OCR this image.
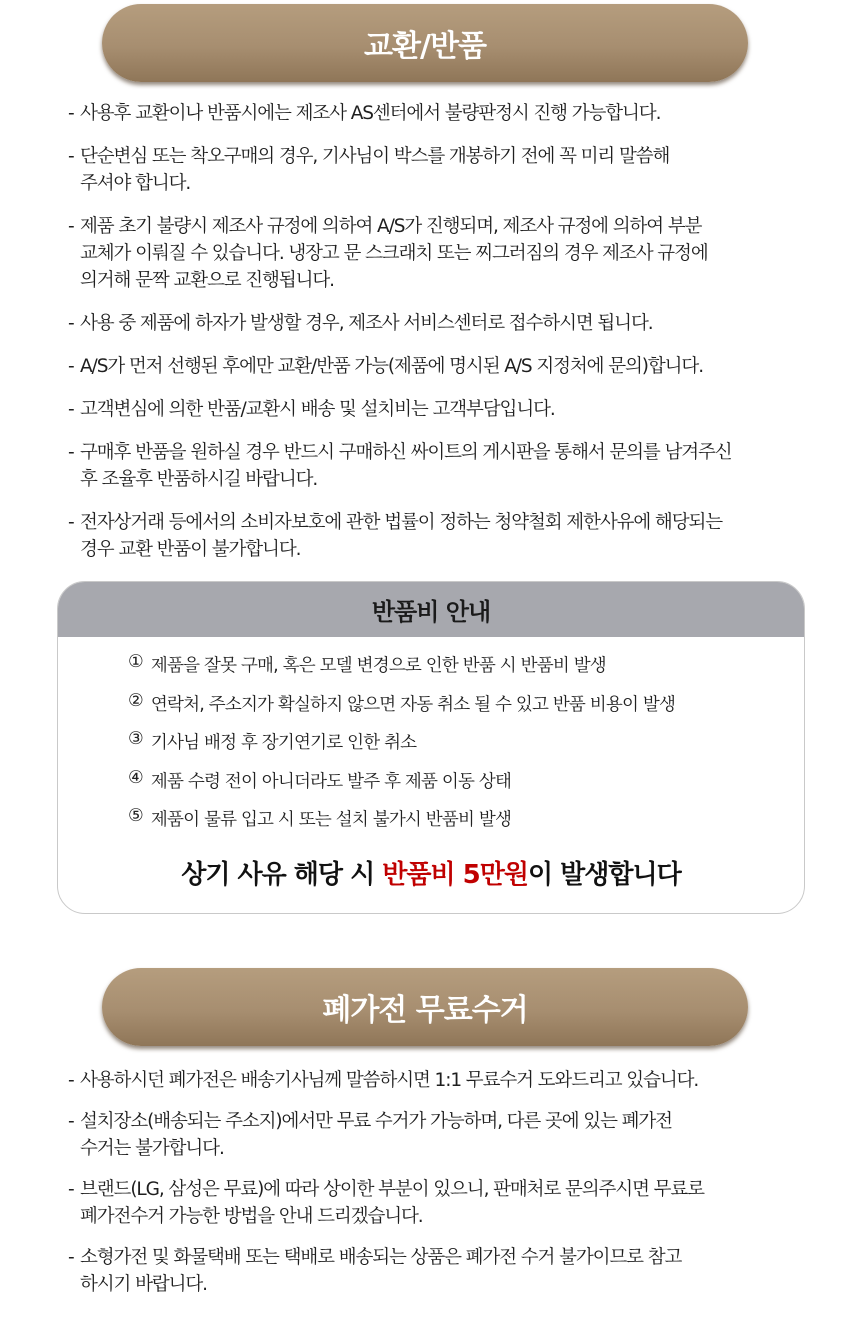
교환/반품
- 사용후 교환이나 반품시에는 제조사 AS센터에서 불량판정시 진행 가능합니다.
- 단순변심 또는 착오구매의 경우, 기사님이 박스를 개봉하기 전에 꼭 미리 말씀해
주셔야 합니다.
- 제품 초기 불량시 제조사 규정에 의하여 A/S가 진행되며, 제조사 규정에 의하여 부분
교체가 이뤄질 수 있습니다. 냉장고 문 스크래치 또는 찌그러짐의 경우 제조사 규정에
의거해 문짝 교환으로 진행됩니다.
- 사용 중 제품에 하자가 발생할 경우, 제조사 서비스센터로 접수하시면 됩니다.
- A/S가 먼저 선행된 후에만 교환/반품 가능(제품에 명시된 A/S 지정처에 문의)합니다.
- 고객변심에 의한 반품/교환시 배송 및 설치비는 고객부담입니다.
- 구매후 반품을 원하실 경우 반드시 구매하신 싸이트의 게시판을 통해서 문의를 남겨주신
후 조율후 반품하시길 바랍니다.
- 전자상거래 등에서의 소비자보호에 관한 법률이 정하는 청약철회 제한사유에 해당되는
경우 교환 반품이 불가합니다.
반품비 안내
① 제품을 잘못 구매, 혹은 모델 변경으로 인한 반품 시 반품비 발생
② 연락처, 주소지가 확실하지 않으면 자동 취소 될 수 있고 반품 비용이 발생
③ 기사님 배정 후 장기연기로 인한 취소
④ 제품 수령 전이 아니더라도 발주 후 제품 이동 상태
⑤ 제품이 물류 입고 시 또는 설치 불가시 반품비 발생
상기 사유 해당 시 반품비 5만원이 발생합니다
폐가전 무료수거
- 사용하시던 폐가전은 배송기사님께 말씀하시면 1:1 무료수거 도와드리고 있습니다.
- 설치장소(배송되는 주소지)에서만 무료 수거가 가능하며, 다른 곳에 있는 폐가전
수거는 불가합니다.
- 브랜드(LG, 삼성은 무료)에 따라 상이한 부분이 있으니, 판매처로 문의주시면 무료로
폐가전수거 가능한 방법을 안내 드리겠습니다.
- 소형가전 및 화물택배 또는 택배로 배송되는 상품은 폐가전 수거 불가이므로 참고
하시기 바랍니다.
